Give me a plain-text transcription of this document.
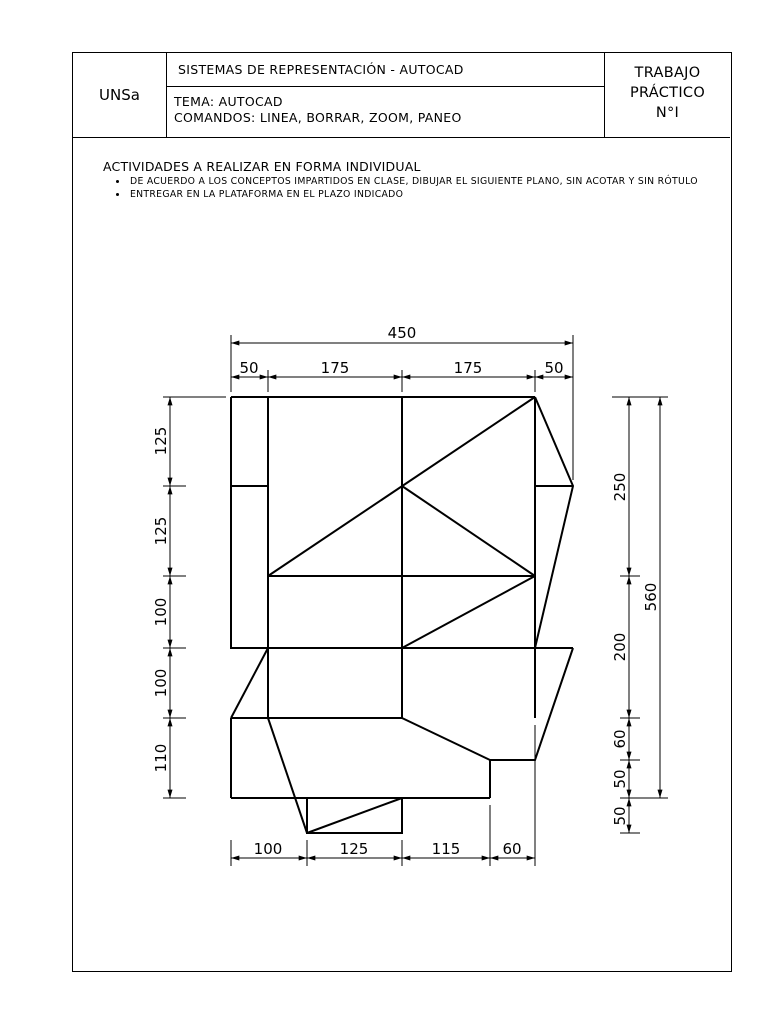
UNSa
SISTEMAS DE REPRESENTACIÓN - AUTOCAD
TEMA: AUTOCAD
COMANDOS: LINEA, BORRAR, ZOOM, PANEO
TRABAJO
PRÁCTICO
N°I
ACTIVIDADES A REALIZAR EN FORMA INDIVIDUAL
• DE ACUERDO A LOS CONCEPTOS IMPARTIDOS EN CLASE, DIBUJAR EL SIGUIENTE PLANO, SIN ACOTAR Y SIN RÓTULO
• ENTREGAR EN LA PLATAFORMA EN EL PLAZO INDICADO
450
50	175	175	50
125
125
100
100
110
250
200
60
50
50
560
100	125	115	60
